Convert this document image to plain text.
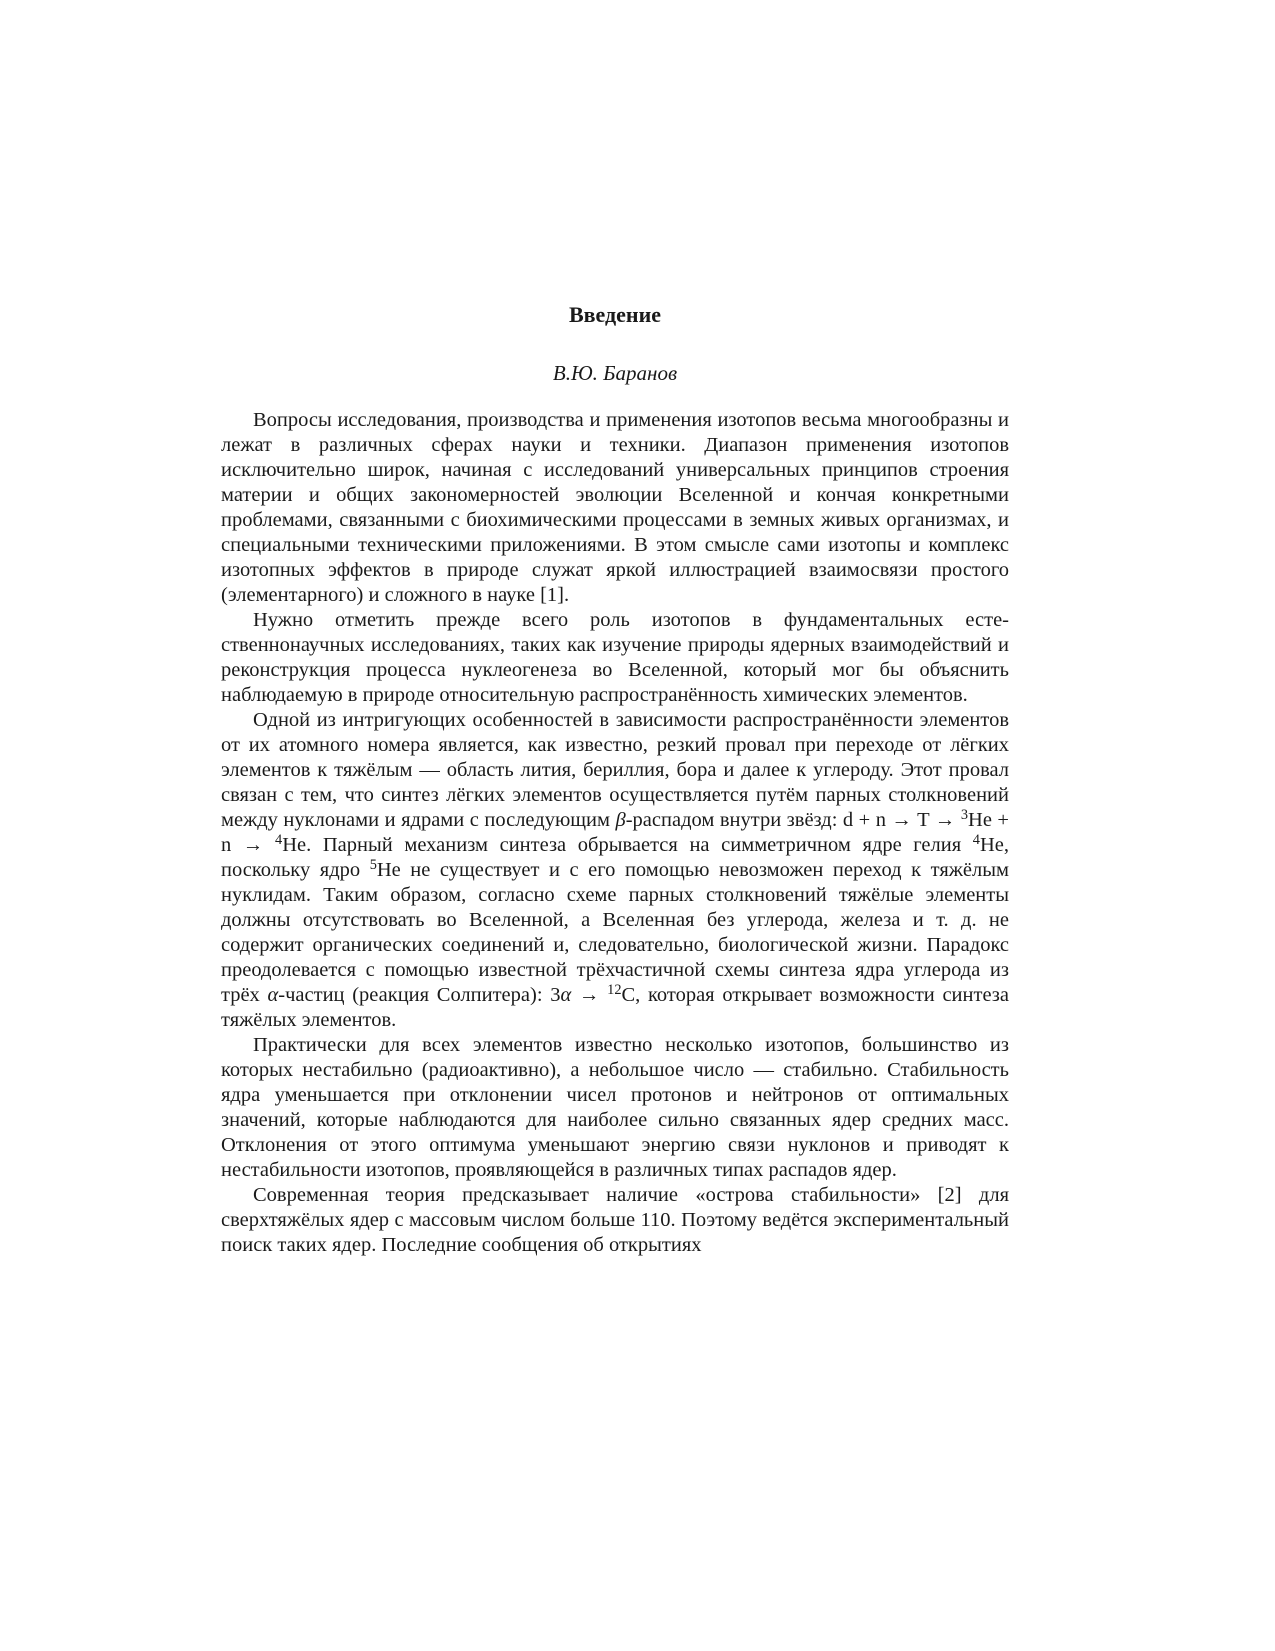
Введение
В.Ю. Баранов

Вопросы исследования, производства и применения изотопов весьма многообразны и лежат в различных сферах науки и техники. Диапазон применения изотопов исключительно широк, начиная с исследований универсальных принципов строения материи и общих закономерностей эволюции Вселенной и кончая конкретными проблемами, связанными с биохимическими процессами в земных живых организмах, и специальными техническими приложениями. В этом смысле сами изотопы и комплекс изотопных эффектов в природе служат яркой иллюстрацией взаимосвязи простого (элементарного) и сложного в науке [1].

Нужно отметить прежде всего роль изотопов в фундаментальных естественнонаучных исследованиях, таких как изучение природы ядерных взаимодействий и реконструкция процесса нуклеогенеза во Вселенной, который мог бы объяснить наблюдаемую в природе относительную распространённость химических элементов.

Одной из интригующих особенностей в зависимости распространённости элементов от их атомного номера является, как известно, резкий провал при переходе от лёгких элементов к тяжёлым — область лития, бериллия, бора и далее к углероду. Этот провал связан с тем, что синтез лёгких элементов осуществляется путём парных столкновений между нуклонами и ядрами с последующим β-распадом внутри звёзд: d + n → T → $^3$He + n → $^4$He. Парный механизм синтеза обрывается на симметричном ядре гелия $^4$He, поскольку ядро $^5$He не существует и с его помощью невозможен переход к тяжёлым нуклидам. Таким образом, согласно схеме парных столкновений тяжёлые элементы должны отсутствовать во Вселенной, а Вселенная без углерода, железа и т. д. не содержит органических соединений и, следовательно, биологической жизни. Парадокс преодолевается с помощью известной трёхчастичной схемы синтеза ядра углерода из трёх α-частиц (реакция Солпитера): 3α → $^{12}$C, которая открывает возможности синтеза тяжёлых элементов.

Практически для всех элементов известно несколько изотопов, большинство из которых нестабильно (радиоактивно), а небольшое число — стабильно. Стабильность ядра уменьшается при отклонении чисел протонов и нейтронов от оптимальных значений, которые наблюдаются для наиболее сильно связанных ядер средних масс. Отклонения от этого оптимума уменьшают энергию связи нуклонов и приводят к нестабильности изотопов, проявляющейся в различных типах распадов ядер.

Современная теория предсказывает наличие «острова стабильности» [2] для сверхтяжёлых ядер с массовым числом больше 110. Поэтому ведётся экспериментальный поиск таких ядер. Последние сообщения об открытиях
